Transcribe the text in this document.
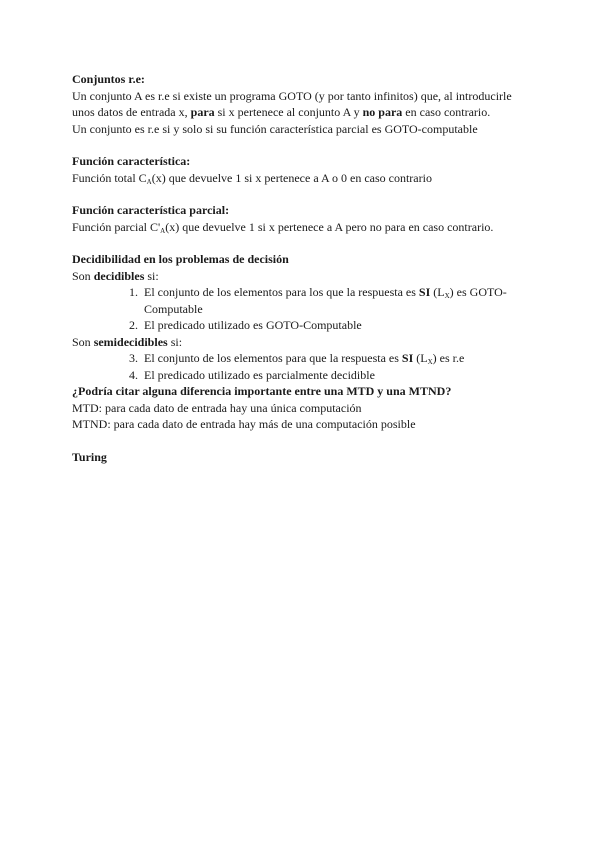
Conjuntos r.e:

Un conjunto A es r.e si existe un programa GOTO (y por tanto infinitos) que, al introducirle unos datos de entrada x, para si x pertenece al conjunto A y no para en caso contrario.

Un conjunto es r.e si y solo si su función característica parcial es GOTO-computable

Función característica:

Función total $C_A(x)$ que devuelve 1 si x pertenece a A o 0 en caso contrario

Función característica parcial:

Función parcial $C'_A(x)$ que devuelve 1 si x pertenece a A pero no para en caso contrario.

Decidibilidad en los problemas de decisión

Son decidibles si:

1. El conjunto de los elementos para los que la respuesta es SI $(L_X)$ es GOTO-Computable
2. El predicado utilizado es GOTO-Computable

Son semidecidibles si:

3. El conjunto de los elementos para que la respuesta es SI $(L_X)$ es r.e
4. El predicado utilizado es parcialmente decidible

¿Podría citar alguna diferencia importante entre una MTD y una MTND?

MTD: para cada dato de entrada hay una única computación

MTND: para cada dato de entrada hay más de una computación posible

Turing
